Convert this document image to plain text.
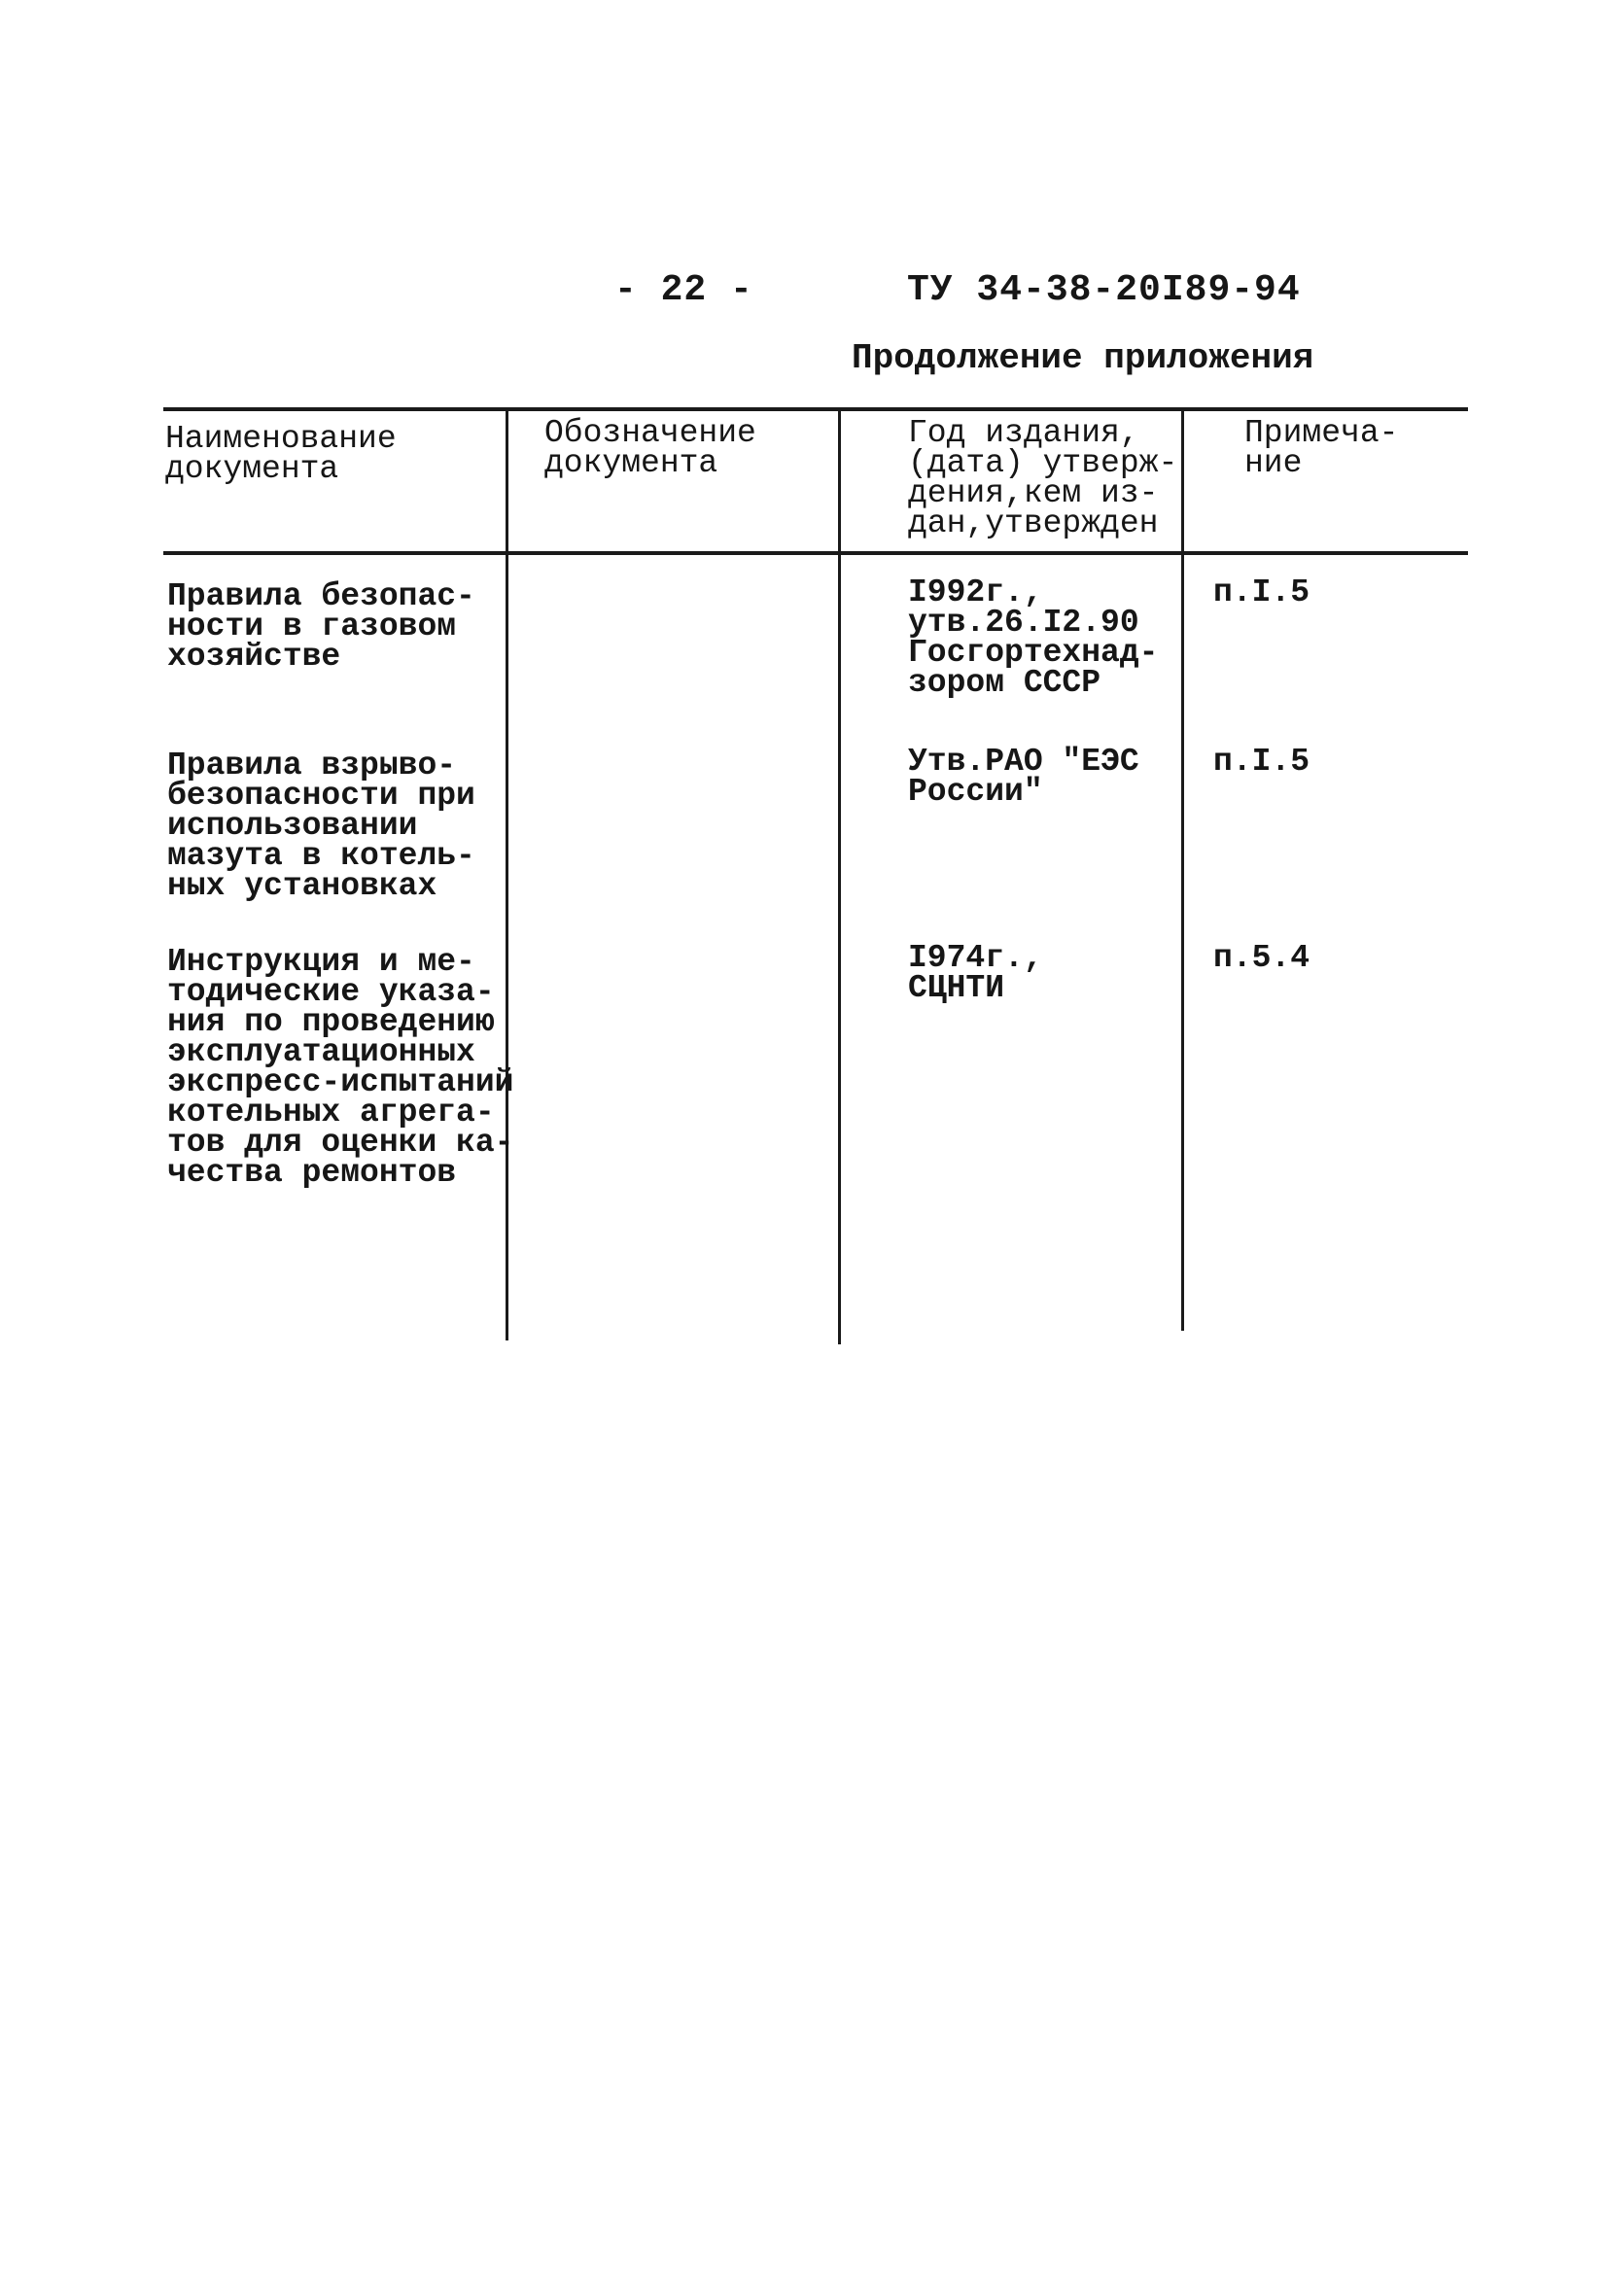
- 22 -	ТУ 34-38-20I89-94
Продолжение приложения
Наименование
документа
Обозначение
документа
Год издания,
(дата) утверж-
дения,кем из-
дан,утвержден
Примеча-
ние
Правила безопас-
ности в газовом
хозяйстве
I992г.,
утв.26.I2.90
Госгортехнад-
зором СССР
п.I.5
Правила взрыво-
безопасности при
использовании
мазута в котель-
ных установках
Утв.РАО "ЕЭС
России"
п.I.5
Инструкция и ме-
тодические указа-
ния по проведению
эксплуатационных
экспресс-испытаний
котельных агрега-
тов для оценки ка-
чества ремонтов
I974г.,
СЦНТИ
п.5.4
